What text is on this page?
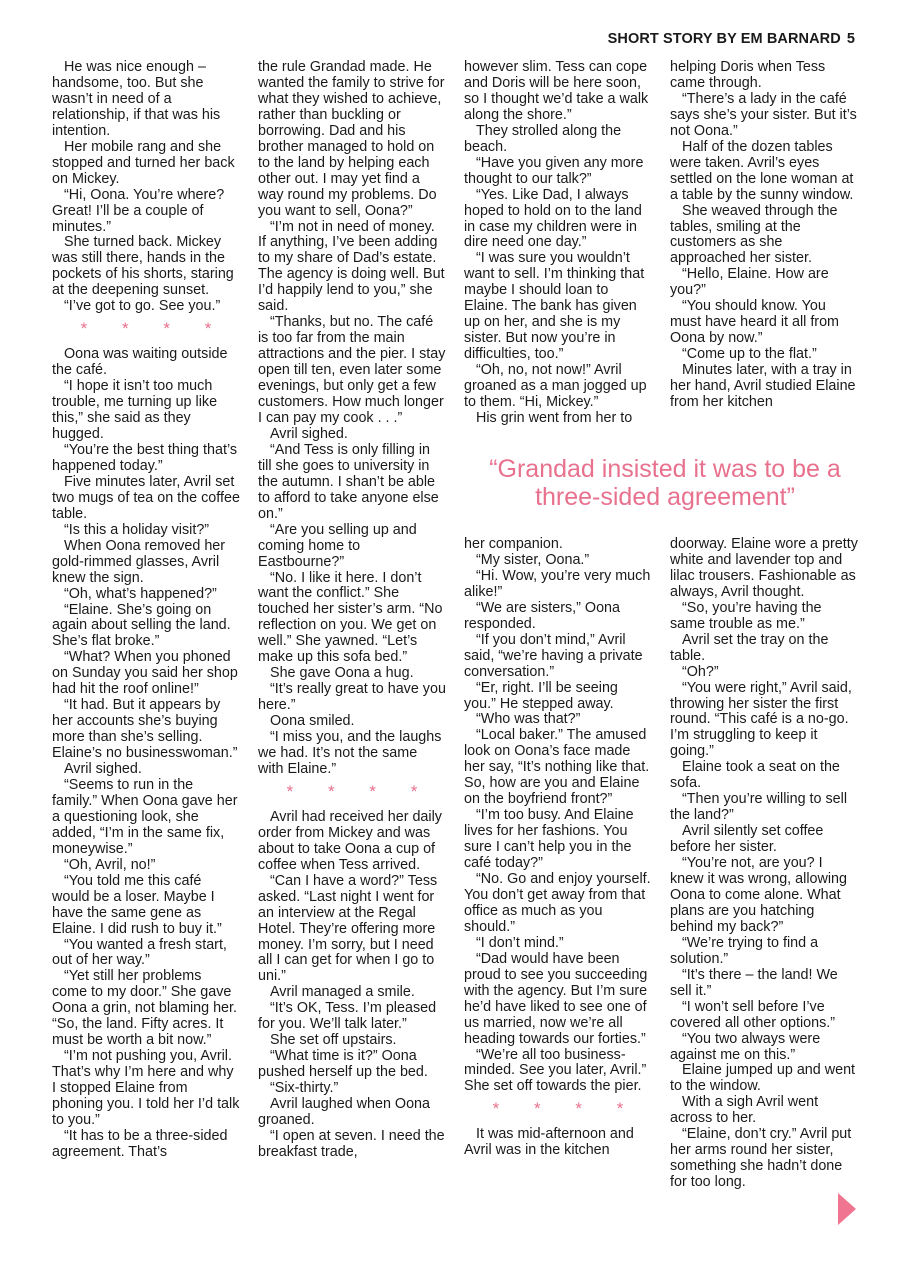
SHORT STORY BY EM BARNARD 5

He was nice enough – handsome, too. But she wasn’t in need of a relationship, if that was his intention.

Her mobile rang and she stopped and turned her back on Mickey.

“Hi, Oona. You’re where? Great! I’ll be a couple of minutes.”

She turned back. Mickey was still there, hands in the pockets of his shorts, staring at the deepening sunset.

“I’ve got to go. See you.”

* * * *

Oona was waiting outside the café.

“I hope it isn’t too much trouble, me turning up like this,” she said as they hugged.

“You’re the best thing that’s happened today.”

Five minutes later, Avril set two mugs of tea on the coffee table.

“Is this a holiday visit?”

When Oona removed her gold-rimmed glasses, Avril knew the sign.

“Oh, what’s happened?”

“Elaine. She’s going on again about selling the land. She’s flat broke.”

“What? When you phoned on Sunday you said her shop had hit the roof online!”

“It had. But it appears by her accounts she’s buying more than she’s selling. Elaine’s no businesswoman.”

Avril sighed.

“Seems to run in the family.” When Oona gave her a questioning look, she added, “I’m in the same fix, moneywise.”

“Oh, Avril, no!”

“You told me this café would be a loser. Maybe I have the same gene as Elaine. I did rush to buy it.”

“You wanted a fresh start, out of her way.”

“Yet still her problems come to my door.” She gave Oona a grin, not blaming her. “So, the land. Fifty acres. It must be worth a bit now.”

“I’m not pushing you, Avril. That’s why I’m here and why I stopped Elaine from phoning you. I told her I’d talk to you.”

“It has to be a three-sided agreement. That’s

the rule Grandad made. He wanted the family to strive for what they wished to achieve, rather than buckling or borrowing. Dad and his brother managed to hold on to the land by helping each other out. I may yet find a way round my problems. Do you want to sell, Oona?”

“I’m not in need of money. If anything, I’ve been adding to my share of Dad’s estate. The agency is doing well. But I’d happily lend to you,” she said.

“Thanks, but no. The café is too far from the main attractions and the pier. I stay open till ten, even later some evenings, but only get a few customers. How much longer I can pay my cook . . .”

Avril sighed.

“And Tess is only filling in till she goes to university in the autumn. I shan’t be able to afford to take anyone else on.”

“Are you selling up and coming home to Eastbourne?”

“No. I like it here. I don’t want the conflict.” She touched her sister’s arm. “No reflection on you. We get on well.” She yawned. “Let’s make up this sofa bed.”

She gave Oona a hug.

“It’s really great to have you here.”

Oona smiled.

“I miss you, and the laughs we had. It’s not the same with Elaine.”

* * * *

Avril had received her daily order from Mickey and was about to take Oona a cup of coffee when Tess arrived.

“Can I have a word?” Tess asked. “Last night I went for an interview at the Regal Hotel. They’re offering more money. I’m sorry, but I need all I can get for when I go to uni.”

Avril managed a smile.

“It’s OK, Tess. I’m pleased for you. We’ll talk later.”

She set off upstairs.

“What time is it?” Oona pushed herself up the bed.

“Six-thirty.”

Avril laughed when Oona groaned.

“I open at seven. I need the breakfast trade,

however slim. Tess can cope and Doris will be here soon, so I thought we’d take a walk along the shore.”

They strolled along the beach.

“Have you given any more thought to our talk?”

“Yes. Like Dad, I always hoped to hold on to the land in case my children were in dire need one day.”

“I was sure you wouldn’t want to sell. I’m thinking that maybe I should loan to Elaine. The bank has given up on her, and she is my sister. But now you’re in difficulties, too.”

“Oh, no, not now!” Avril groaned as a man jogged up to them. “Hi, Mickey.”

His grin went from her to

helping Doris when Tess came through.

“There’s a lady in the café says she’s your sister. But it’s not Oona.”

Half of the dozen tables were taken. Avril’s eyes settled on the lone woman at a table by the sunny window.

She weaved through the tables, smiling at the customers as she approached her sister.

“Hello, Elaine. How are you?”

“You should know. You must have heard it all from Oona by now.”

“Come up to the flat.”

Minutes later, with a tray in her hand, Avril studied Elaine from her kitchen

“Grandad insisted it was to be a three-sided agreement”

her companion.

“My sister, Oona.”

“Hi. Wow, you’re very much alike!”

“We are sisters,” Oona responded.

“If you don’t mind,” Avril said, “we’re having a private conversation.”

“Er, right. I’ll be seeing you.” He stepped away.

“Who was that?”

“Local baker.” The amused look on Oona’s face made her say, “It’s nothing like that. So, how are you and Elaine on the boyfriend front?”

“I’m too busy. And Elaine lives for her fashions. You sure I can’t help you in the café today?”

“No. Go and enjoy yourself. You don’t get away from that office as much as you should.”

“I don’t mind.”

“Dad would have been proud to see you succeeding with the agency. But I’m sure he’d have liked to see one of us married, now we’re all heading towards our forties.”

“We’re all too business-minded. See you later, Avril.” She set off towards the pier.

* * * *

It was mid-afternoon and Avril was in the kitchen

doorway. Elaine wore a pretty white and lavender top and lilac trousers. Fashionable as always, Avril thought.

“So, you’re having the same trouble as me.”

Avril set the tray on the table.

“Oh?”

“You were right,” Avril said, throwing her sister the first round. “This café is a no-go. I’m struggling to keep it going.”

Elaine took a seat on the sofa.

“Then you’re willing to sell the land?”

Avril silently set coffee before her sister.

“You’re not, are you? I knew it was wrong, allowing Oona to come alone. What plans are you hatching behind my back?”

“We’re trying to find a solution.”

“It’s there – the land! We sell it.”

“I won’t sell before I’ve covered all other options.”

“You two always were against me on this.”

Elaine jumped up and went to the window.

With a sigh Avril went across to her.

“Elaine, don’t cry.” Avril put her arms round her sister, something she hadn’t done for too long.
